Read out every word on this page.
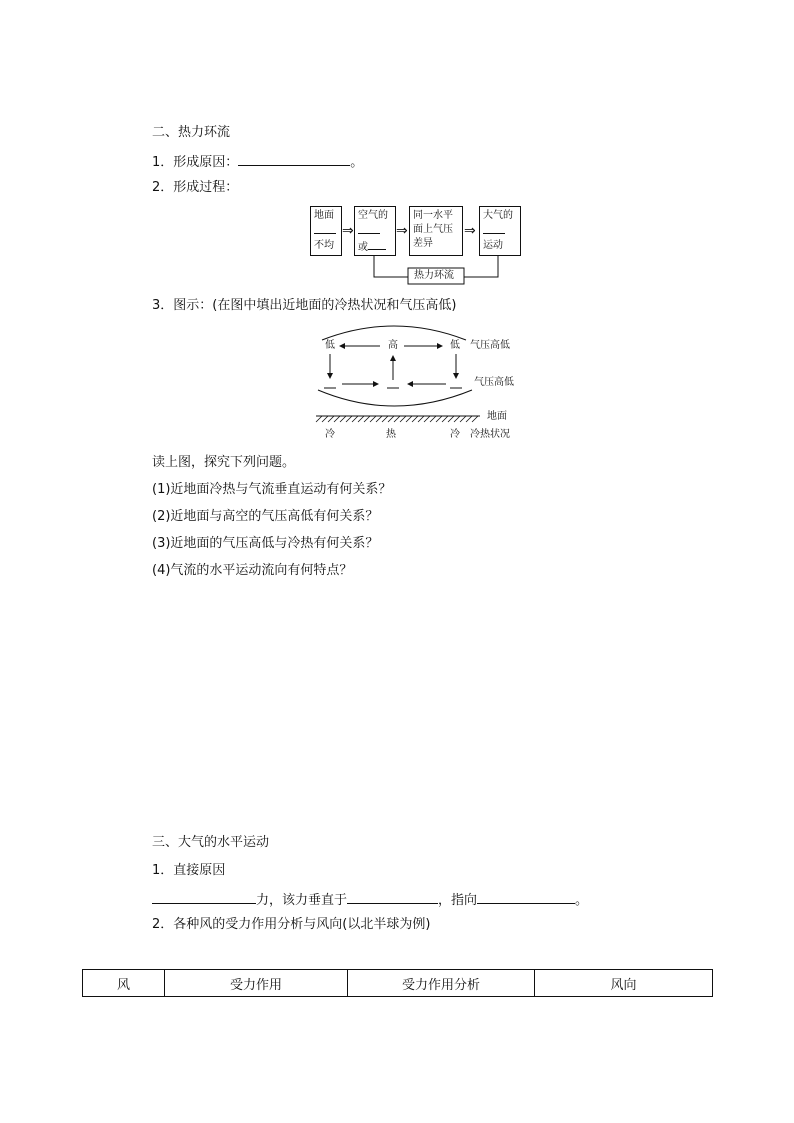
二、热力环流
1．形成原因：	。
2．形成过程：
地面
不均
⇒
空气的
或
⇒
同一水平
面上气压
差异
⇒
大气的
运动
热力环流
3．图示：(在图中填出近地面的冷热状况和气压高低)
低	高	低 气压高低
气压高低
地面
冷	热	冷 冷热状况
读上图，探究下列问题。
(1)近地面冷热与气流垂直运动有何关系？
(2)近地面与高空的气压高低有何关系？
(3)近地面的气压高低与冷热有何关系？
(4)气流的水平运动流向有何特点？
三、大气的水平运动
1．直接原因
力，该力垂直于	，指向	。
2．各种风的受力作用分析与风向(以北半球为例)
风	受力作用	受力作用分析	风向
